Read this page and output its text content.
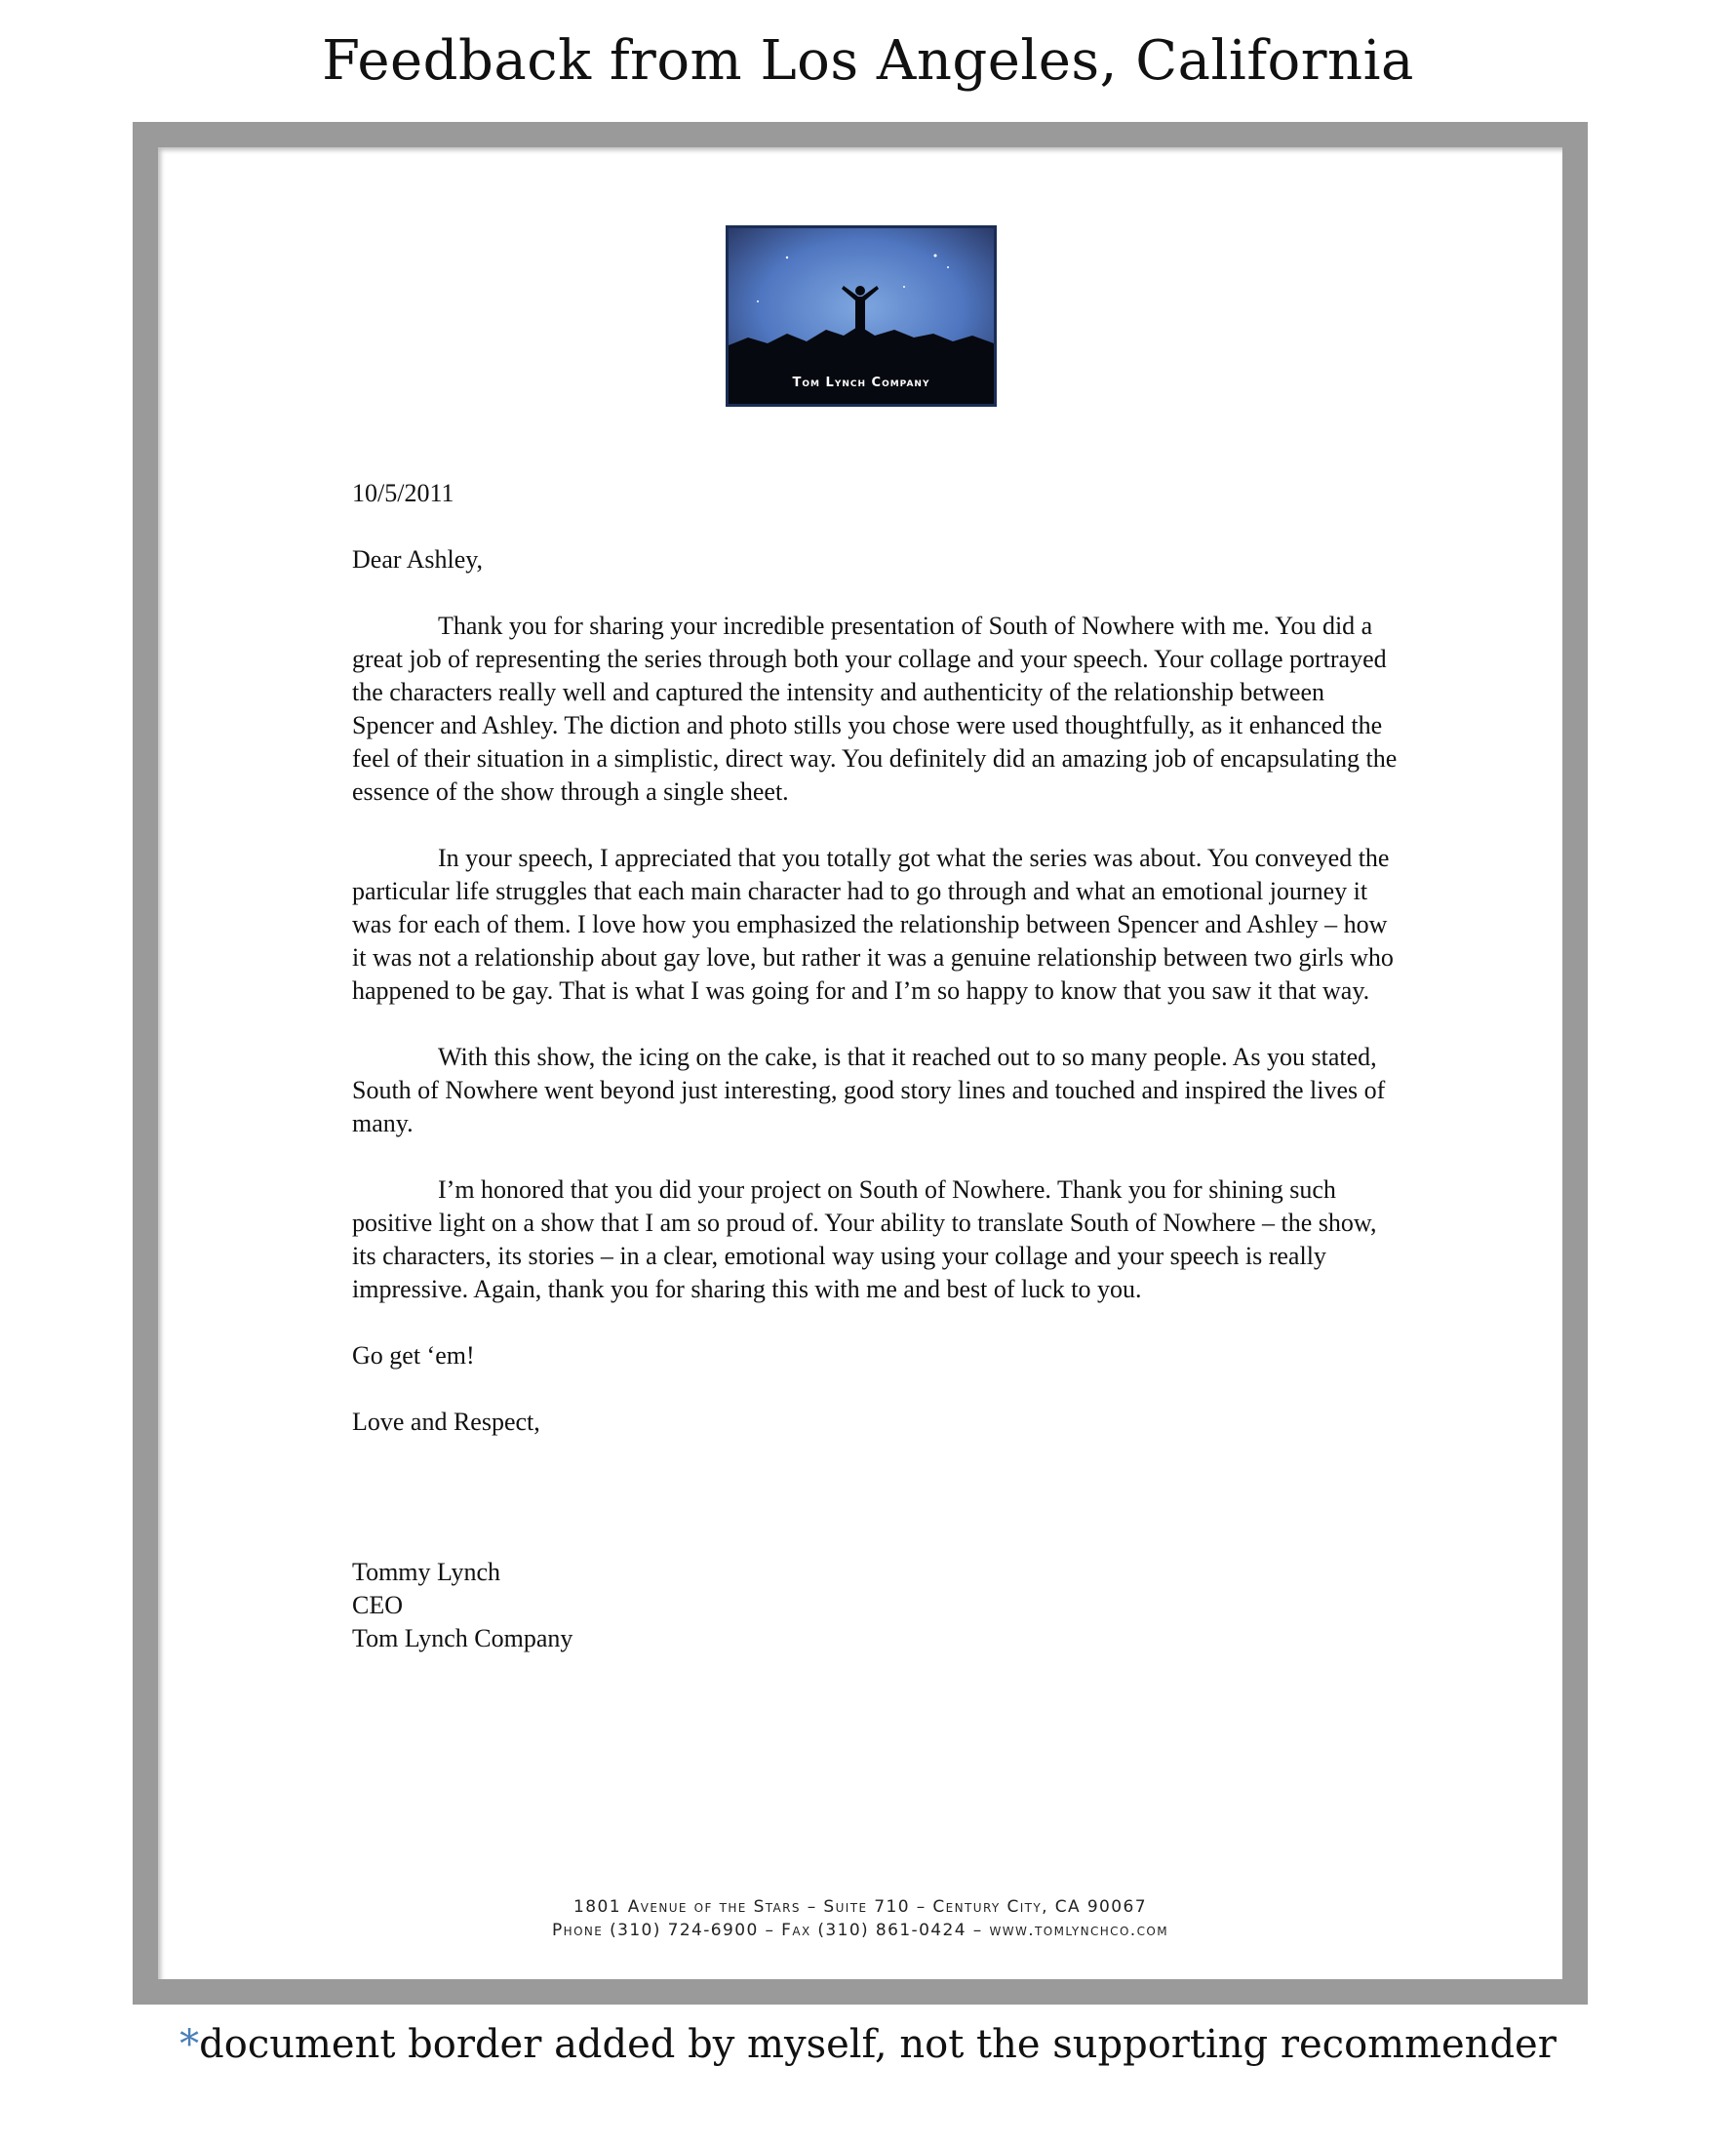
Feedback from Los Angeles, California
Tom Lynch Company

10/5/2011

Dear Ashley,

Thank you for sharing your incredible presentation of South of Nowhere with me. You did a great job of representing the series through both your collage and your speech. Your collage portrayed the characters really well and captured the intensity and authenticity of the relationship between Spencer and Ashley. The diction and photo stills you chose were used thoughtfully, as it enhanced the feel of their situation in a simplistic, direct way. You definitely did an amazing job of encapsulating the essence of the show through a single sheet.

In your speech, I appreciated that you totally got what the series was about. You conveyed the particular life struggles that each main character had to go through and what an emotional journey it was for each of them. I love how you emphasized the relationship between Spencer and Ashley – how it was not a relationship about gay love, but rather it was a genuine relationship between two girls who happened to be gay. That is what I was going for and I’m so happy to know that you saw it that way.

With this show, the icing on the cake, is that it reached out to so many people. As you stated, South of Nowhere went beyond just interesting, good story lines and touched and inspired the lives of many.

I’m honored that you did your project on South of Nowhere. Thank you for shining such positive light on a show that I am so proud of. Your ability to translate South of Nowhere – the show, its characters, its stories – in a clear, emotional way using your collage and your speech is really impressive. Again, thank you for sharing this with me and best of luck to you.

Go get ‘em!

Love and Respect,

Tommy Lynch
CEO
Tom Lynch Company
1801 Avenue of the Stars – Suite 710 – Century City, CA 90067
Phone (310) 724-6900 – Fax (310) 861-0424 – www.tomlynchco.com
*document border added by myself, not the supporting recommender
